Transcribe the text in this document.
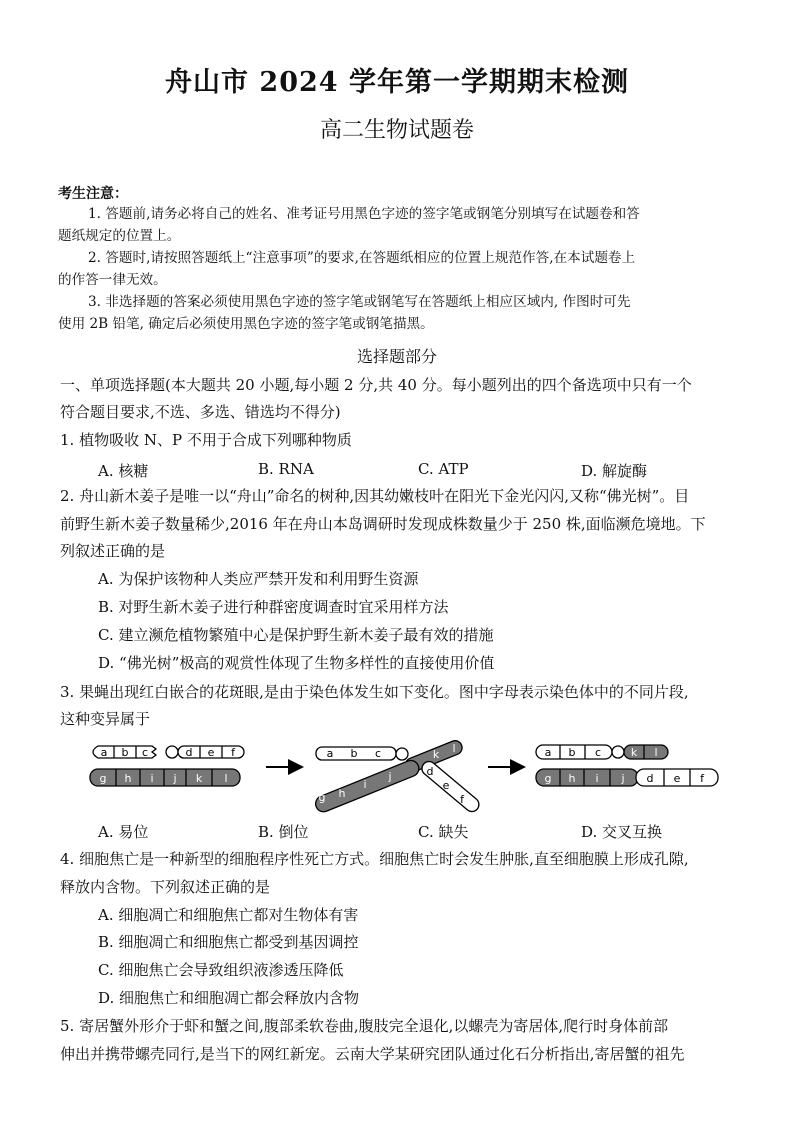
舟山市 2024 学年第一学期期末检测
高二生物试题卷
考生注意：
1. 答题前,请务必将自己的姓名、准考证号用黑色字迹的签字笔或钢笔分别填写在试题卷和答
题纸规定的位置上。
2. 答题时,请按照答题纸上“注意事项”的要求,在答题纸相应的位置上规范作答,在本试题卷上
的作答一律无效。
3. 非选择题的答案必须使用黑色字迹的签字笔或钢笔写在答题纸上相应区域内, 作图时可先
使用 2B 铅笔, 确定后必须使用黑色字迹的签字笔或钢笔描黑。
选择题部分
一、单项选择题(本大题共 20 小题,每小题 2 分,共 40 分。每小题列出的四个备选项中只有一个
符合题目要求,不选、多选、错选均不得分)
1. 植物吸收 N、P 不用于合成下列哪种物质
A. 核糖	B. RNA	C. ATP	D. 解旋酶
2. 舟山新木姜子是唯一以“舟山”命名的树种,因其幼嫩枝叶在阳光下金光闪闪,又称“佛光树”。目
前野生新木姜子数量稀少,2016 年在舟山本岛调研时发现成株数量少于 250 株,面临濒危境地。下
列叙述正确的是
A. 为保护该物种人类应严禁开发和利用野生资源
B. 对野生新木姜子进行种群密度调查时宜采用样方法
C. 建立濒危植物繁殖中心是保护野生新木姜子最有效的措施
D. “佛光树”极高的观赏性体现了生物多样性的直接使用价值
3. 果蝇出现红白嵌合的花斑眼,是由于染色体发生如下变化。图中字母表示染色体中的不同片段,
这种变异属于
a b c	d e f
g h i j k l
a b c
d
e
f
g h
i
j
k l	a b c
d e f
k l
g h i j
A. 易位	B. 倒位	C. 缺失	D. 交叉互换
4. 细胞焦亡是一种新型的细胞程序性死亡方式。细胞焦亡时会发生肿胀,直至细胞膜上形成孔隙,
释放内含物。下列叙述正确的是
A. 细胞凋亡和细胞焦亡都对生物体有害
B. 细胞凋亡和细胞焦亡都受到基因调控
C. 细胞焦亡会导致组织液渗透压降低
D. 细胞焦亡和细胞凋亡都会释放内含物
5. 寄居蟹外形介于虾和蟹之间,腹部柔软卷曲,腹肢完全退化,以螺壳为寄居体,爬行时身体前部
伸出并携带螺壳同行,是当下的网红新宠。云南大学某研究团队通过化石分析指出,寄居蟹的祖先
